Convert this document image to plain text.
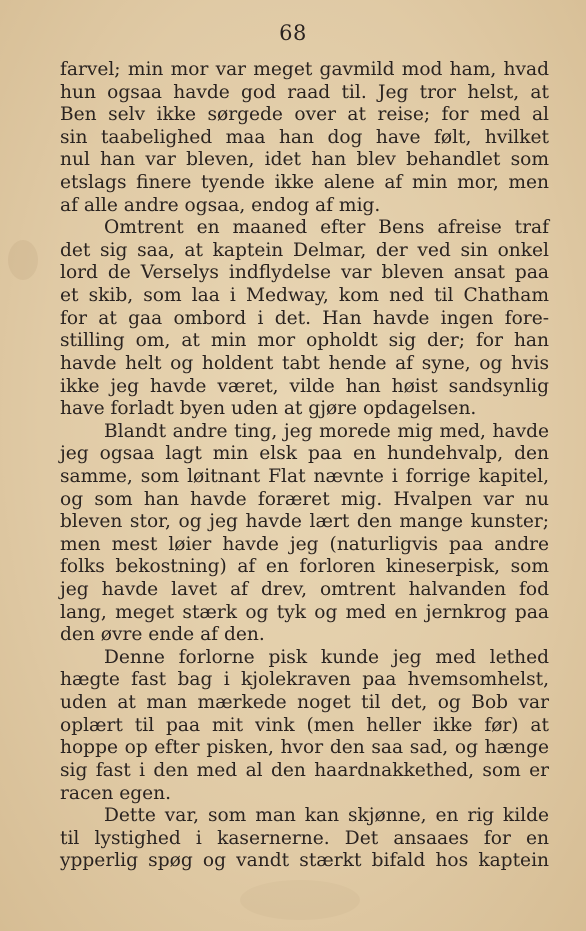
68
farvel; min mor var meget gavmild mod ham, hvad
hun ogsaa havde god raad til. Jeg tror helst, at
Ben selv ikke sørgede over at reise; for med al
sin taabelighed maa han dog have følt, hvilket
nul han var bleven, idet han blev behandlet som
etslags finere tyende ikke alene af min mor, men
af alle andre ogsaa, endog af mig.
Omtrent en maaned efter Bens afreise traf
det sig saa, at kaptein Delmar, der ved sin onkel
lord de Verselys indflydelse var bleven ansat paa
et skib, som laa i Medway, kom ned til Chatham
for at gaa ombord i det. Han havde ingen fore-
stilling om, at min mor opholdt sig der; for han
havde helt og holdent tabt hende af syne, og hvis
ikke jeg havde været, vilde han høist sandsynlig
have forladt byen uden at gjøre opdagelsen.
Blandt andre ting, jeg morede mig med, havde
jeg ogsaa lagt min elsk paa en hundehvalp, den
samme, som løitnant Flat nævnte i forrige kapitel,
og som han havde foræret mig. Hvalpen var nu
bleven stor, og jeg havde lært den mange kunster;
men mest løier havde jeg (naturligvis paa andre
folks bekostning) af en forloren kineserpisk, som
jeg havde lavet af drev, omtrent halvanden fod
lang, meget stærk og tyk og med en jernkrog paa
den øvre ende af den.
Denne forlorne pisk kunde jeg med lethed
hægte fast bag i kjolekraven paa hvemsomhelst,
uden at man mærkede noget til det, og Bob var
oplært til paa mit vink (men heller ikke før) at
hoppe op efter pisken, hvor den saa sad, og hænge
sig fast i den med al den haardnakkethed, som er
racen egen.
Dette var, som man kan skjønne, en rig kilde
til lystighed i kasernerne. Det ansaaes for en
ypperlig spøg og vandt stærkt bifald hos kaptein
